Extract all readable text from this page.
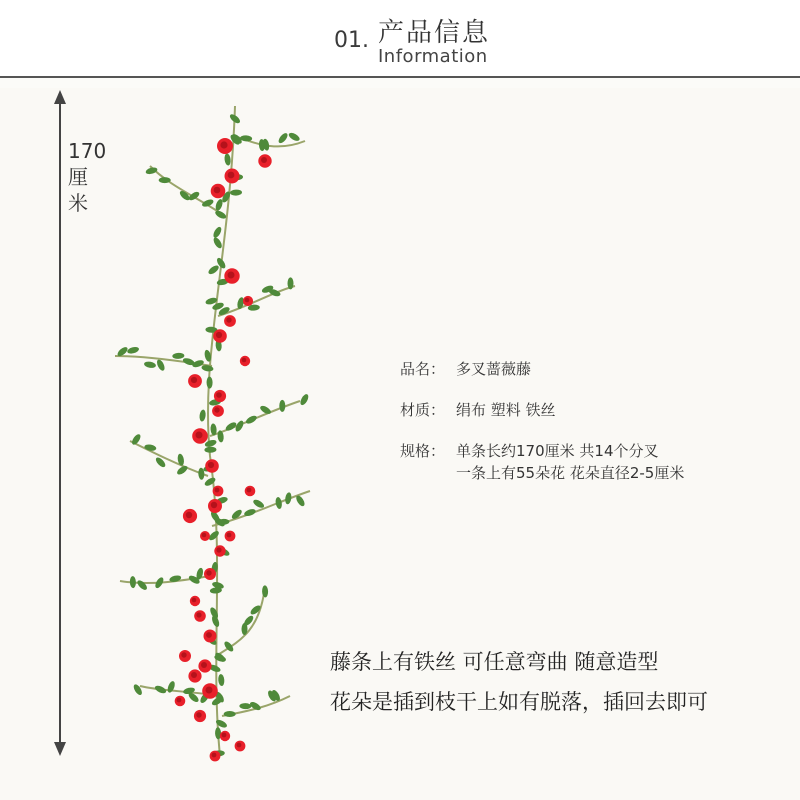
01. 产品信息
Information
170
厘
米
品名： 多叉蔷薇藤
材质： 绢布 塑料 铁丝
规格： 单条长约170厘米 共14个分叉
一条上有55朵花 花朵直径2-5厘米
藤条上有铁丝 可任意弯曲 随意造型
花朵是插到枝干上如有脱落，插回去即可
